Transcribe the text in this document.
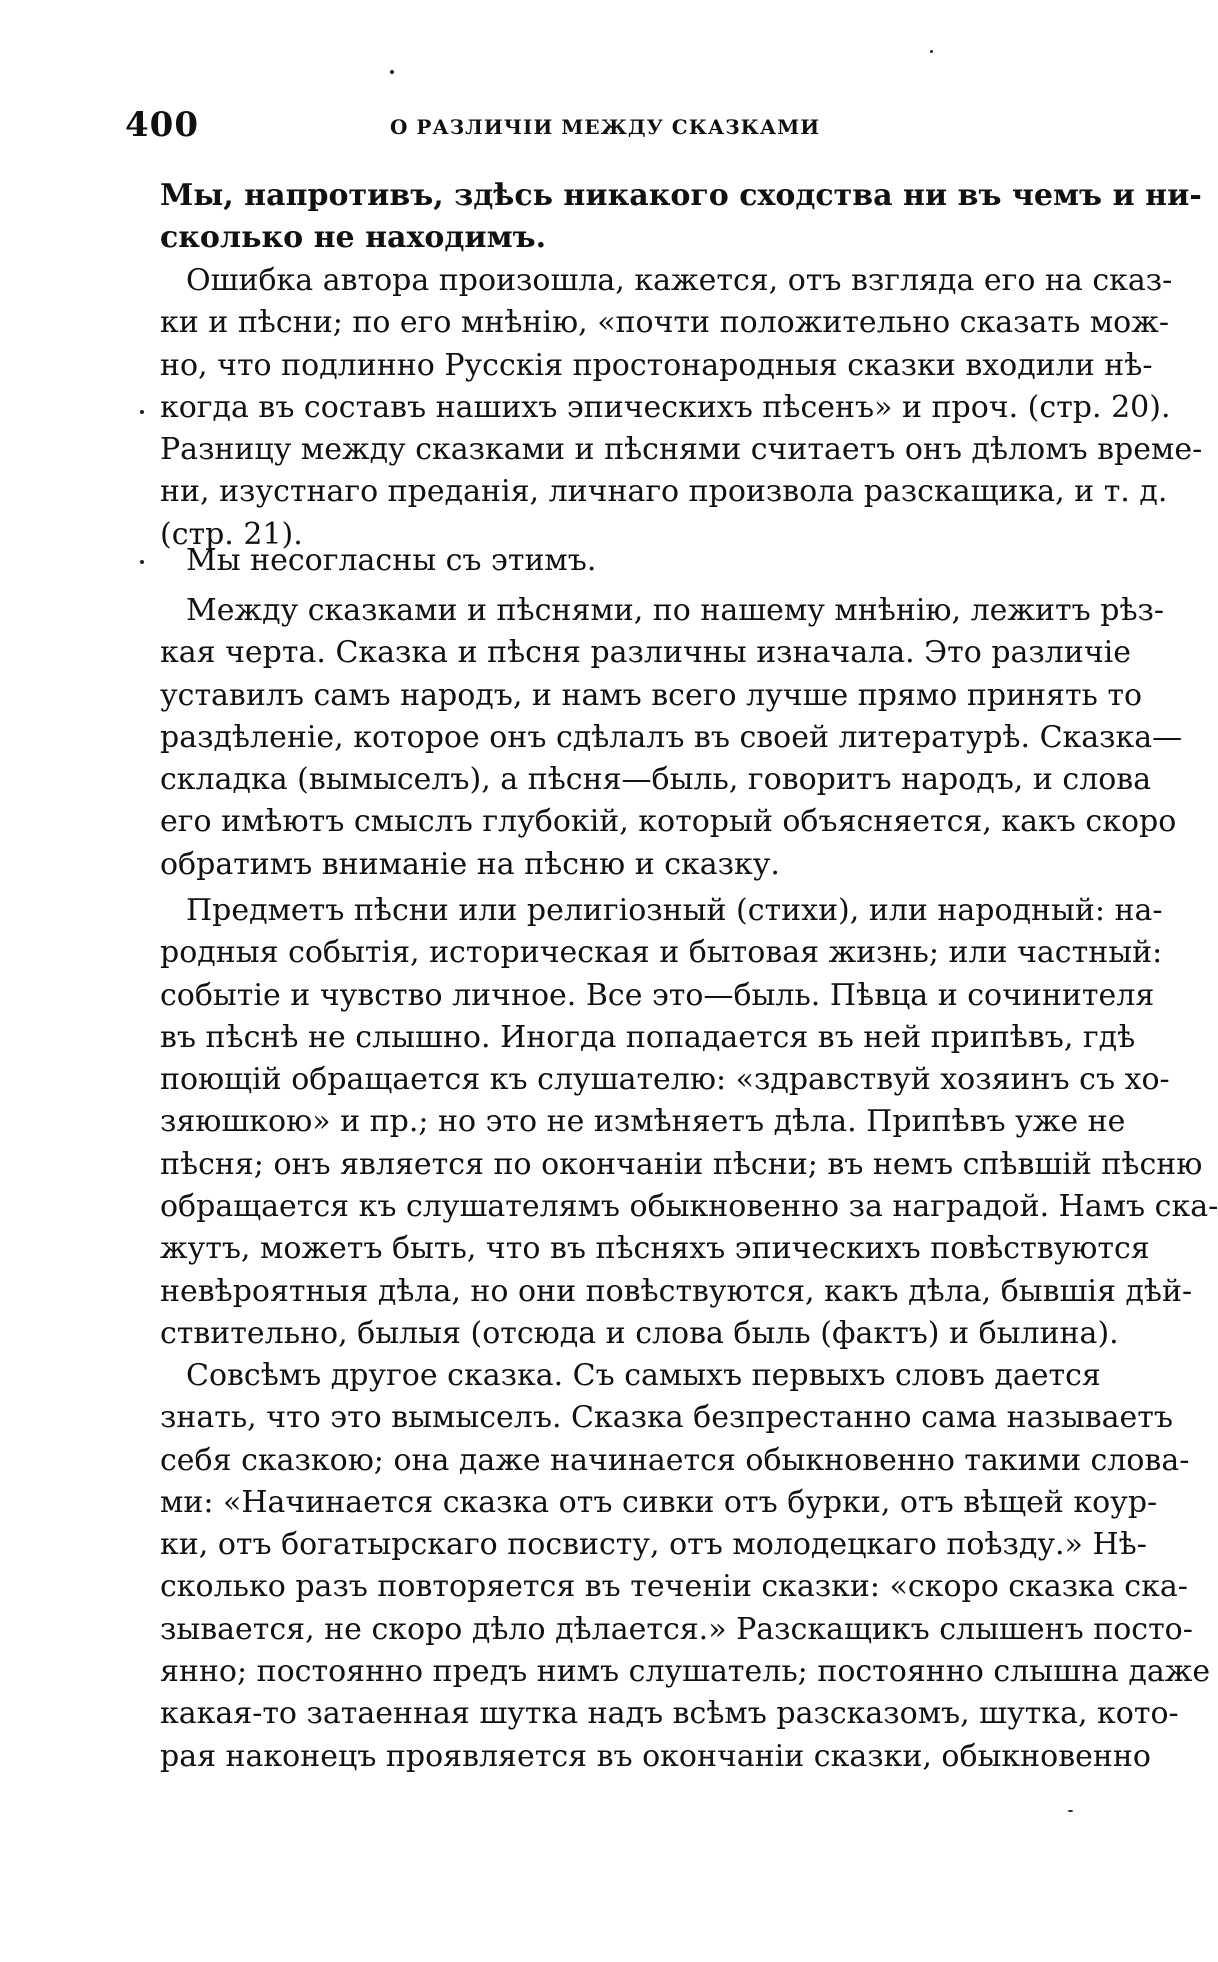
400	О РАЗЛИЧІИ МЕЖДУ СКАЗКАМИ
Мы, напротивъ, здѣсь никакого сходства ни въ чемъ и ни-
сколько не находимъ.
Ошибка автора произошла, кажется, отъ взгляда его на сказ-
ки и пѣсни; по его мнѣнію, «почти положительно сказать мож-
но, что подлинно Русскія простонародныя сказки входили нѣ-
когда въ составъ нашихъ эпическихъ пѣсенъ» и проч. (стр. 20).
Разницу между сказками и пѣснями считаетъ онъ дѣломъ време-
ни, изустнаго преданія, личнаго произвола разскащика, и т. д.
(стр. 21).
Мы несогласны съ этимъ.
Между сказками и пѣснями, по нашему мнѣнію, лежитъ рѣз-
кая черта. Сказка и пѣсня различны изначала. Это различіе
уставилъ самъ народъ, и намъ всего лучше прямо принять то
раздѣленіе, которое онъ сдѣлалъ въ своей литературѣ. Сказка—
складка (вымыселъ), а пѣсня—быль, говоритъ народъ, и слова
его имѣютъ смыслъ глубокій, который объясняется, какъ скоро
обратимъ вниманіе на пѣсню и сказку.
Предметъ пѣсни или религіозный (стихи), или народный: на-
родныя событія, историческая и бытовая жизнь; или частный:
событіе и чувство личное. Все это—быль. Пѣвца и сочинителя
въ пѣснѣ не слышно. Иногда попадается въ ней припѣвъ, гдѣ
поющій обращается къ слушателю: «здравствуй хозяинъ съ хо-
зяюшкою» и пр.; но это не измѣняетъ дѣла. Припѣвъ уже не
пѣсня; онъ является по окончаніи пѣсни; въ немъ спѣвшій пѣсню
обращается къ слушателямъ обыкновенно за наградой. Намъ ска-
жутъ, можетъ быть, что въ пѣсняхъ эпическихъ повѣствуются
невѣроятныя дѣла, но они повѣствуются, какъ дѣла, бывшія дѣй-
ствительно, былыя (отсюда и слова быль (фактъ) и былина).
Совсѣмъ другое сказка. Съ самыхъ первыхъ словъ дается
знать, что это вымыселъ. Сказка безпрестанно сама называетъ
себя сказкою; она даже начинается обыкновенно такими слова-
ми: «Начинается сказка отъ сивки отъ бурки, отъ вѣщей коур-
ки, отъ богатырскаго посвисту, отъ молодецкаго поѣзду.» Нѣ-
сколько разъ повторяется въ теченіи сказки: «скоро сказка ска-
зывается, не скоро дѣло дѣлается.» Разскащикъ слышенъ посто-
янно; постоянно предъ нимъ слушатель; постоянно слышна даже
какая-то затаенная шутка надъ всѣмъ разсказомъ, шутка, кото-
рая наконецъ проявляется въ окончаніи сказки, обыкновенно
